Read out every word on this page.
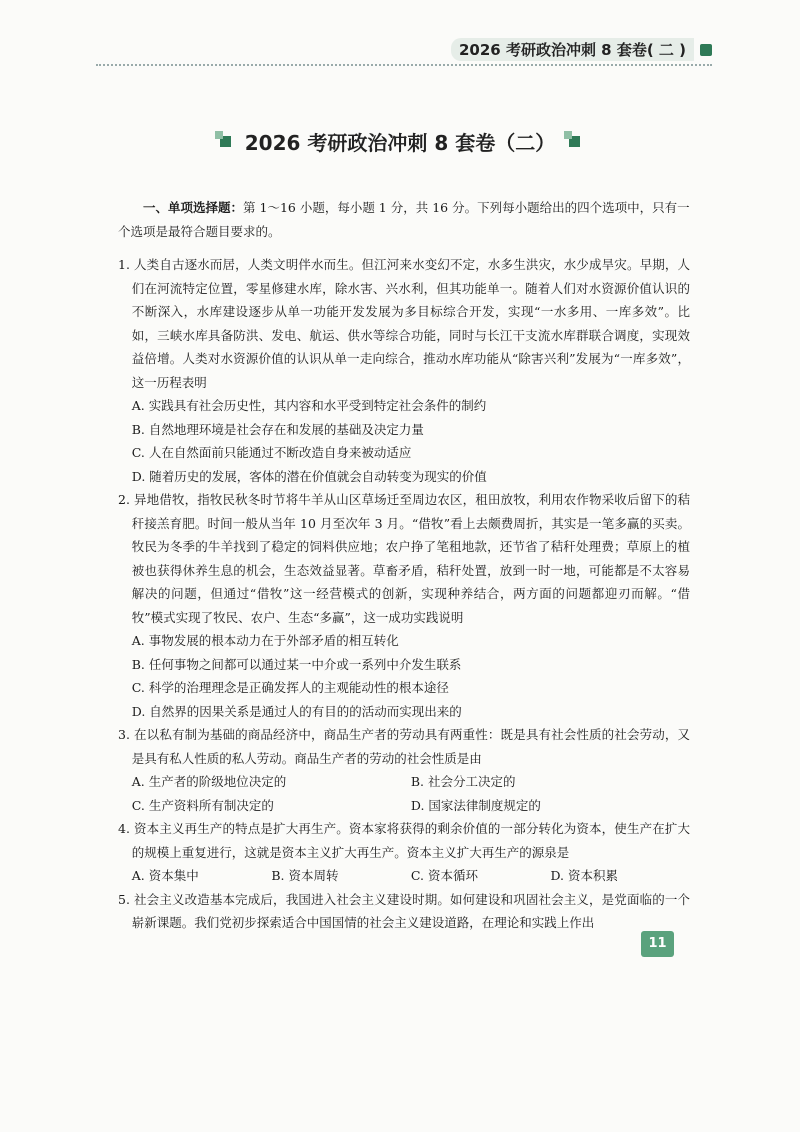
2026 考研政治冲刺 8 套卷( 二 )
2026 考研政治冲刺 8 套卷（二）

一、单项选择题：第 1～16 小题，每小题 1 分，共 16 分。下列每小题给出的四个选项中，只有一个选项是最符合题目要求的。

1. 人类自古逐水而居，人类文明伴水而生。但江河来水变幻不定，水多生洪灾，水少成旱灾。早期，人们在河流特定位置，零星修建水库，除水害、兴水利，但其功能单一。随着人们对水资源价值认识的不断深入，水库建设逐步从单一功能开发发展为多目标综合开发，实现“一水多用、一库多效”。比如，三峡水库具备防洪、发电、航运、供水等综合功能，同时与长江干支流水库群联合调度，实现效益倍增。人类对水资源价值的认识从单一走向综合，推动水库功能从“除害兴利”发展为“一库多效”，这一历程表明
A. 实践具有社会历史性，其内容和水平受到特定社会条件的制约
B. 自然地理环境是社会存在和发展的基础及决定力量
C. 人在自然面前只能通过不断改造自身来被动适应
D. 随着历史的发展，客体的潜在价值就会自动转变为现实的价值
2. 异地借牧，指牧民秋冬时节将牛羊从山区草场迁至周边农区，租田放牧，利用农作物采收后留下的秸秆接羔育肥。时间一般从当年 10 月至次年 3 月。“借牧”看上去颇费周折，其实是一笔多赢的买卖。牧民为冬季的牛羊找到了稳定的饲料供应地；农户挣了笔租地款，还节省了秸秆处理费；草原上的植被也获得休养生息的机会，生态效益显著。草畜矛盾，秸秆处置，放到一时一地，可能都是不太容易解决的问题，但通过“借牧”这一经营模式的创新，实现种养结合，两方面的问题都迎刃而解。“借牧”模式实现了牧民、农户、生态“多赢”，这一成功实践说明
A. 事物发展的根本动力在于外部矛盾的相互转化
B. 任何事物之间都可以通过某一中介或一系列中介发生联系
C. 科学的治理理念是正确发挥人的主观能动性的根本途径
D. 自然界的因果关系是通过人的有目的的活动而实现出来的
3. 在以私有制为基础的商品经济中，商品生产者的劳动具有两重性：既是具有社会性质的社会劳动，又是具有私人性质的私人劳动。商品生产者的劳动的社会性质是由
A. 生产者的阶级地位决定的	B. 社会分工决定的
C. 生产资料所有制决定的	D. 国家法律制度规定的
4. 资本主义再生产的特点是扩大再生产。资本家将获得的剩余价值的一部分转化为资本，使生产在扩大的规模上重复进行，这就是资本主义扩大再生产。资本主义扩大再生产的源泉是
A. 资本集中	B. 资本周转	C. 资本循环	D. 资本积累
5. 社会主义改造基本完成后，我国进入社会主义建设时期。如何建设和巩固社会主义，是党面临的一个崭新课题。我们党初步探索适合中国国情的社会主义建设道路，在理论和实践上作出
11
